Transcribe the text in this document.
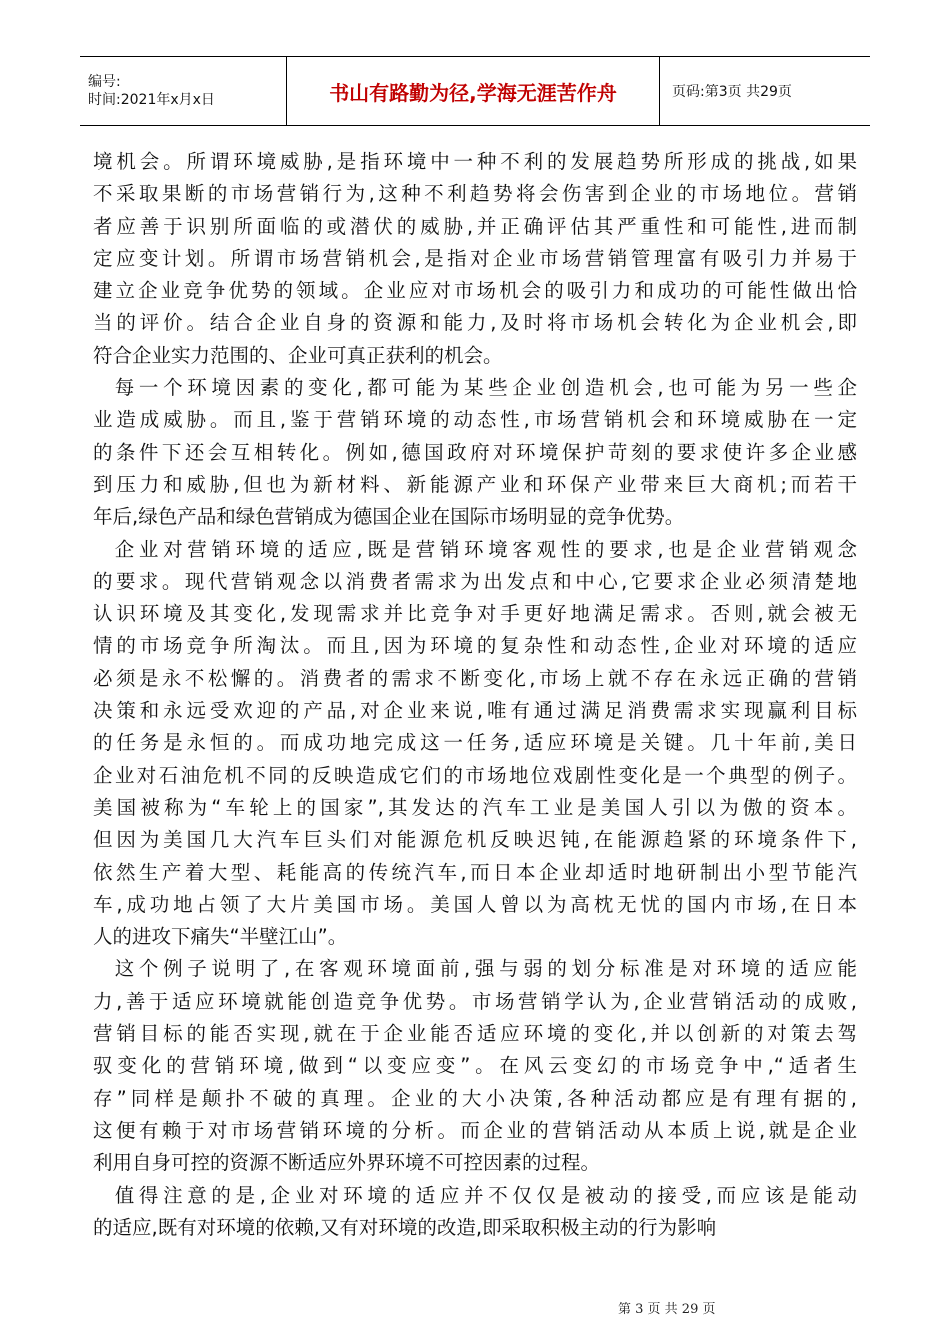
编号:
时间:2021年x月x日	书山有路勤为径,学海无涯苦作舟	页码:第3页 共29页
境机会。所谓环境威胁,是指环境中一种不利的发展趋势所形成的挑战,如果
不采取果断的市场营销行为,这种不利趋势将会伤害到企业的市场地位。营销
者应善于识别所面临的或潜伏的威胁,并正确评估其严重性和可能性,进而制
定应变计划。所谓市场营销机会,是指对企业市场营销管理富有吸引力并易于
建立企业竞争优势的领域。企业应对市场机会的吸引力和成功的可能性做出恰
当的评价。结合企业自身的资源和能力,及时将市场机会转化为企业机会,即
符合企业实力范围的、企业可真正获利的机会。
每一个环境因素的变化,都可能为某些企业创造机会,也可能为另一些企
业造成威胁。而且,鉴于营销环境的动态性,市场营销机会和环境威胁在一定
的条件下还会互相转化。例如,德国政府对环境保护苛刻的要求使许多企业感
到压力和威胁,但也为新材料、新能源产业和环保产业带来巨大商机;而若干
年后,绿色产品和绿色营销成为德国企业在国际市场明显的竞争优势。
企业对营销环境的适应,既是营销环境客观性的要求,也是企业营销观念
的要求。现代营销观念以消费者需求为出发点和中心,它要求企业必须清楚地
认识环境及其变化,发现需求并比竞争对手更好地满足需求。否则,就会被无
情的市场竞争所淘汰。而且,因为环境的复杂性和动态性,企业对环境的适应
必须是永不松懈的。消费者的需求不断变化,市场上就不存在永远正确的营销
决策和永远受欢迎的产品,对企业来说,唯有通过满足消费需求实现赢利目标
的任务是永恒的。而成功地完成这一任务,适应环境是关键。几十年前,美日
企业对石油危机不同的反映造成它们的市场地位戏剧性变化是一个典型的例子。
美国被称为“车轮上的国家”,其发达的汽车工业是美国人引以为傲的资本。
但因为美国几大汽车巨头们对能源危机反映迟钝,在能源趋紧的环境条件下,
依然生产着大型、耗能高的传统汽车,而日本企业却适时地研制出小型节能汽
车,成功地占领了大片美国市场。美国人曾以为高枕无忧的国内市场,在日本
人的进攻下痛失“半壁江山”。
这个例子说明了,在客观环境面前,强与弱的划分标准是对环境的适应能
力,善于适应环境就能创造竞争优势。市场营销学认为,企业营销活动的成败,
营销目标的能否实现,就在于企业能否适应环境的变化,并以创新的对策去驾
驭变化的营销环境,做到“以变应变”。在风云变幻的市场竞争中,“适者生
存”同样是颠扑不破的真理。企业的大小决策,各种活动都应是有理有据的,
这便有赖于对市场营销环境的分析。而企业的营销活动从本质上说,就是企业
利用自身可控的资源不断适应外界环境不可控因素的过程。
值得注意的是,企业对环境的适应并不仅仅是被动的接受,而应该是能动
的适应,既有对环境的依赖,又有对环境的改造,即采取积极主动的行为影响
第 3 页 共 29 页
